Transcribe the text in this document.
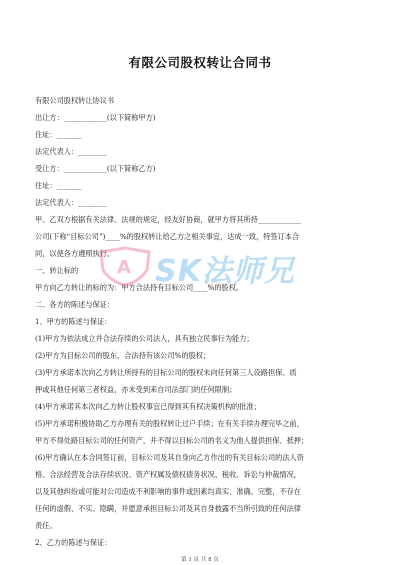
有限公司股权转让合同书
有限公司股权转让协议书
出让方：____________(以下简称甲方)
住址：_______
法定代表人：________
受让方：____________(以下简称乙方)
住址：_______
法定代表人：________
甲、乙双方根据有关法律、法规的规定，经友好协商，就甲方将其所持____________
公司(下称“目标公司”)____%的股权转让给乙方之相关事宜，达成一致，特签订本合
同，以使各方遵照执行。
一、转让标的
甲方向乙方转让的标的为：甲方合法持有目标公司____%的股权。
二、各方的陈述与保证：
1、甲方的陈述与保证：
(1)甲方为依法成立并合法存续的公司法人，具有独立民事行为能力；
(2)甲方为目标公司的股东，合法持有该公司%的股权；
(3)甲方承诺本次向乙方转让所持有的目标公司的股权未向任何第三人设路担保、质
押或其他任何第三者权益，亦未受到来自司法部门的任何限制；
(4)甲方承诺其本次向乙方转让股权事宜已得到其有权决策机构的批准；
(5)甲方承诺积极协助乙方办理有关的股权转让过户手续；在有关手续办理完毕之前，
甲方不得处路目标公司的任何资产，并不得以目标公司的名义为他人提供担保、抵押；
(6)甲方确认在本合同签订前，目标公司及其自身向乙方作出的有关目标公司的法人资
格、合法经营及合法存续状况、资产权属及债权债务状况、税收、诉讼与仲裁情况，
以及其他纠纷或可能对公司造成不利影响的事件或因素均真实、准确、完整，不存在
任何的虚假、不实、隐瞒，并愿意承担目标公司及其自身披露不当所引致的任何法律
责任。
2、乙方的陈述与保证：
第 1 页 共 8 页
A SK法师兄
